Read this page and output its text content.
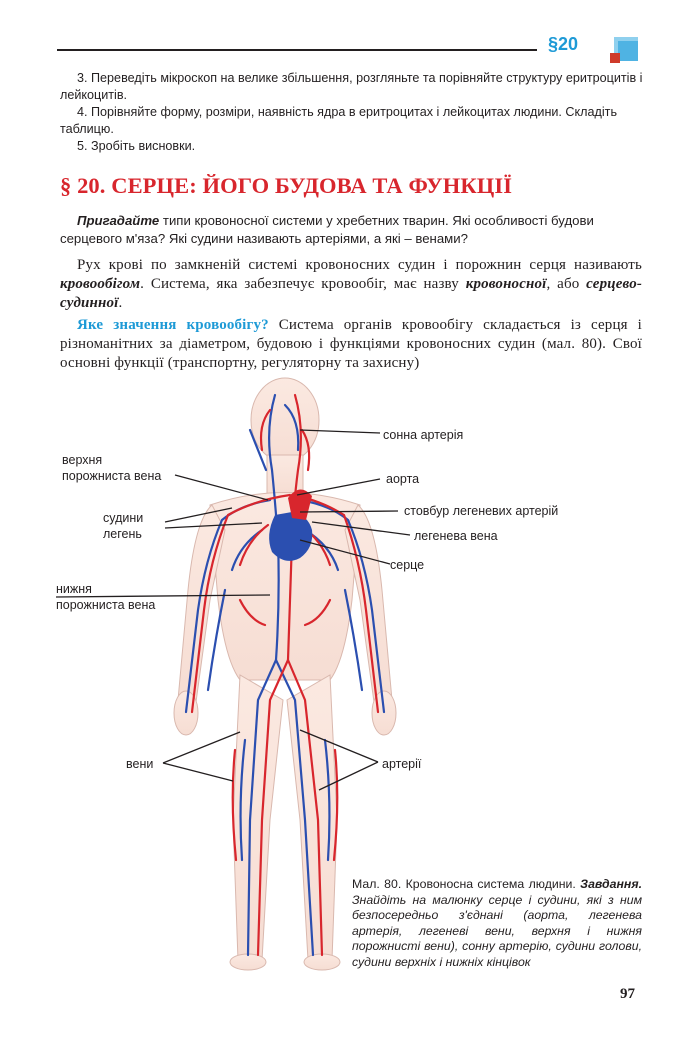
§20

3. Переведіть мікроскоп на велике збільшення, розгляньте та порівняйте структуру еритроцитів і лейкоцитів.

4. Порівняйте форму, розміри, наявність ядра в еритроцитах і лейкоцитах людини. Складіть таблицю.

5. Зробіть висновки.

§ 20. СЕРЦЕ: ЙОГО БУДОВА ТА ФУНКЦІЇ

Пригадайте типи кровоносної системи у хребетних тварин. Які особливості будови серцевого м'яза? Які судини називають артеріями, а які – венами?

Рух крові по замкненій системі кровоносних судин і порожнин серця називають кровообігом. Система, яка забезпечує кровообіг, має назву кровоносної, або серцево-судинної.

Яке значення кровообігу? Система органів кровообігу складається із серця і різноманітних за діаметром, будовою і функціями кровоносних судин (мал. 80). Свої основні функції (транспортну, регуляторну та захисну)

сонна артерія

верхня
порожниста вена	аорта

стовбур легеневих артерій

судини
легень	легенева вена

серце

нижня
порожниста вена

вени	артерії

Мал. 80. Кровоносна система людини. Завдання. Знайдіть на малюнку серце і судини, які з ним безпосередньо з'єднані (аорта, легенева артерія, легеневі вени, верхня і нижня порожнисті вени), сонну артерію, судини голови, судини верхніх і нижніх кінцівок

97
